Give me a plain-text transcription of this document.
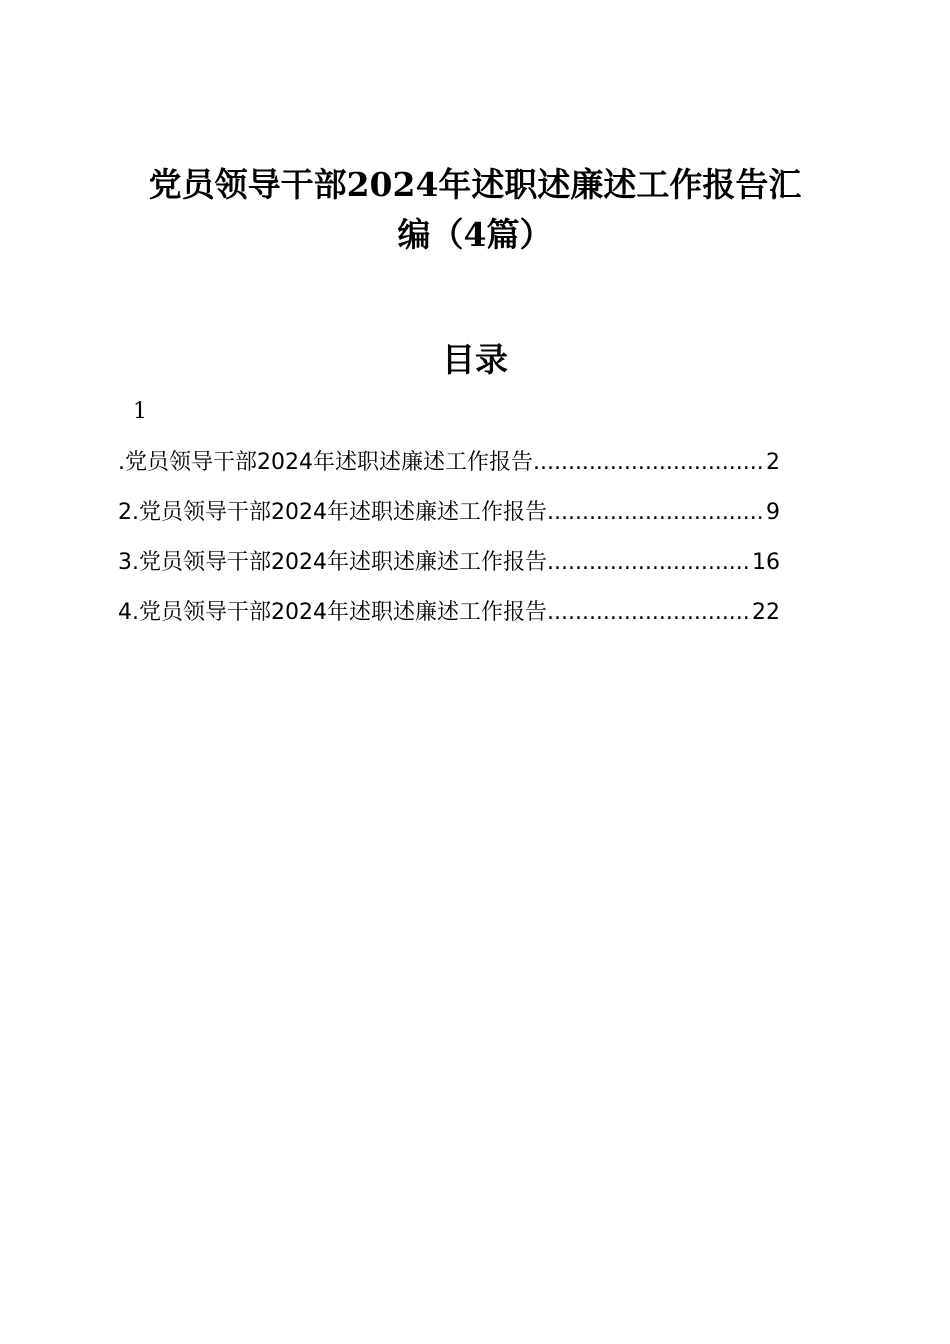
党员领导干部2024年述职述廉述工作报告汇
编（4篇）
目录
1
.党员领导干部2024年述职述廉述工作报告 .....	2
2.党员领导干部2024年述职述廉述工作报告 .....	9
3.党员领导干部2024年述职述廉述工作报告 .....	16
4.党员领导干部2024年述职述廉述工作报告 .....	22
